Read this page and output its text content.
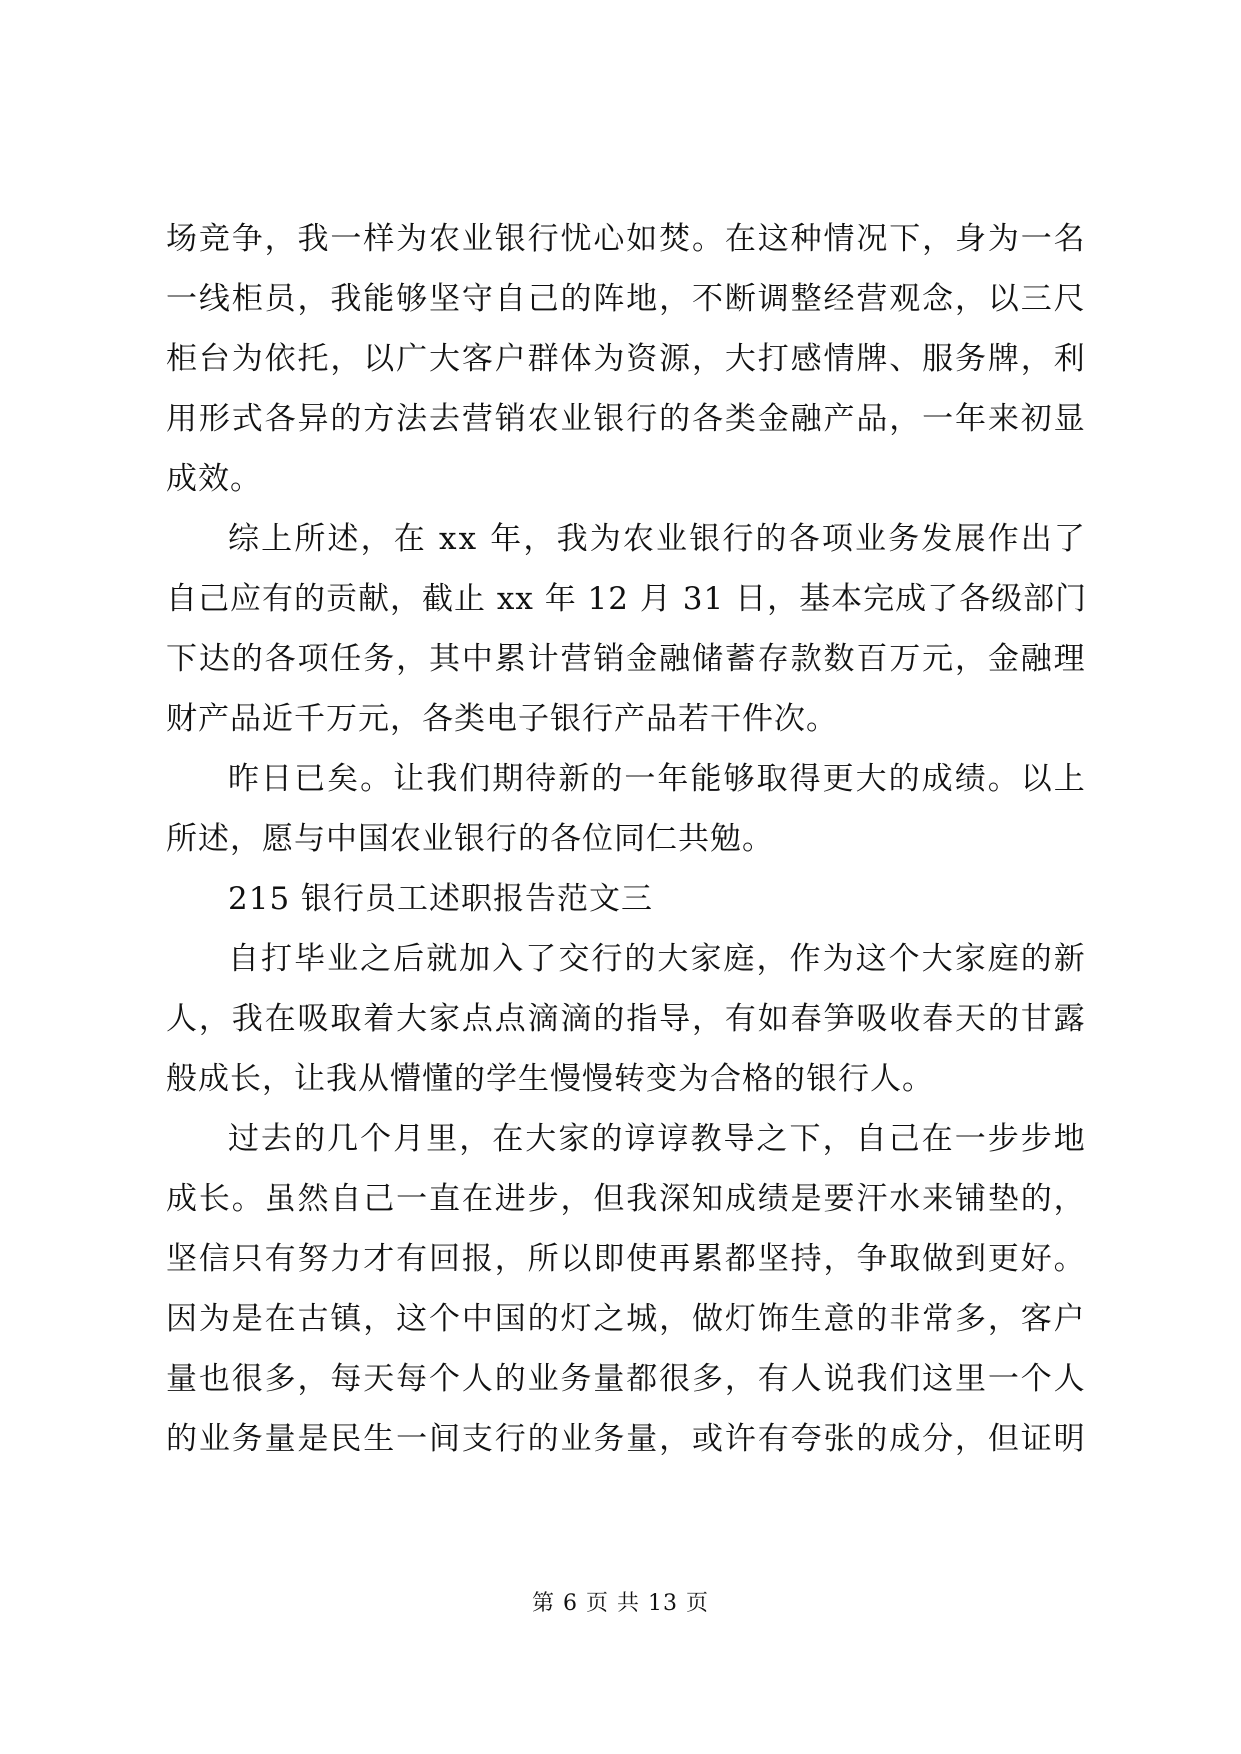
场 竞 争 ， 我 一 样 为 农 业 银 行 忧 心 如 焚 。 在 这 种 情 况 下 ， 身 为 一 名
一 线 柜 员 ， 我 能 够 坚 守 自 己 的 阵 地 ， 不 断 调 整 经 营 观 念 ， 以 三 尺
柜 台 为 依 托 ， 以 广 大 客 户 群 体 为 资 源 ， 大 打 感 情 牌 、 服 务 牌 ， 利
用 形 式 各 异 的 方 法 去 营 销 农 业 银 行 的 各 类 金 融 产 品 ， 一 年 来 初 显
成效。
综 上 所 述 ， 在
x x
年 ， 我 为 农 业 银 行 的 各 项 业 务 发 展 作 出 了
自 己 应 有 的 贡 献 ， 截 止
x x
年
1 2
月
3 1
日 ， 基 本 完 成 了 各 级 部 门
下 达 的 各 项 任 务 ， 其 中 累 计 营 销 金 融 储 蓄 存 款 数 百 万 元 ， 金 融 理
财产品近千万元，各类电子银行产品若干件次。
昨 日 已 矣 。 让 我 们 期 待 新 的 一 年 能 够 取 得 更 大 的 成 绩 。 以 上
所述，愿与中国农业银行的各位同仁共勉。
215 银行员工述职报告范文三
自 打 毕 业 之 后 就 加 入 了 交 行 的 大 家 庭 ， 作 为 这 个 大 家 庭 的 新
人 ， 我 在 吸 取 着 大 家 点 点 滴 滴 的 指 导 ， 有 如 春 笋 吸 收 春 天 的 甘 露
般成长，让我从懵懂的学生慢慢转变为合格的银行人。
过 去 的 几 个 月 里 ， 在 大 家 的 谆 谆 教 导 之 下 ， 自 己 在 一 步 步 地
成 长 。 虽 然 自 己 一 直 在 进 步 ， 但 我 深 知 成 绩 是 要 汗 水 来 铺 垫 的 ，
坚 信 只 有 努 力 才 有 回 报 ， 所 以 即 使 再 累 都 坚 持 ， 争 取 做 到 更 好 。
因 为 是 在 古 镇 ， 这 个 中 国 的 灯 之 城 ， 做 灯 饰 生 意 的 非 常 多 ， 客 户
量 也 很 多 ， 每 天 每 个 人 的 业 务 量 都 很 多 ， 有 人 说 我 们 这 里 一 个 人
的 业 务 量 是 民 生 一 间 支 行 的 业 务 量 ， 或 许 有 夸 张 的 成 分 ， 但 证 明
第 6 页 共 13 页
